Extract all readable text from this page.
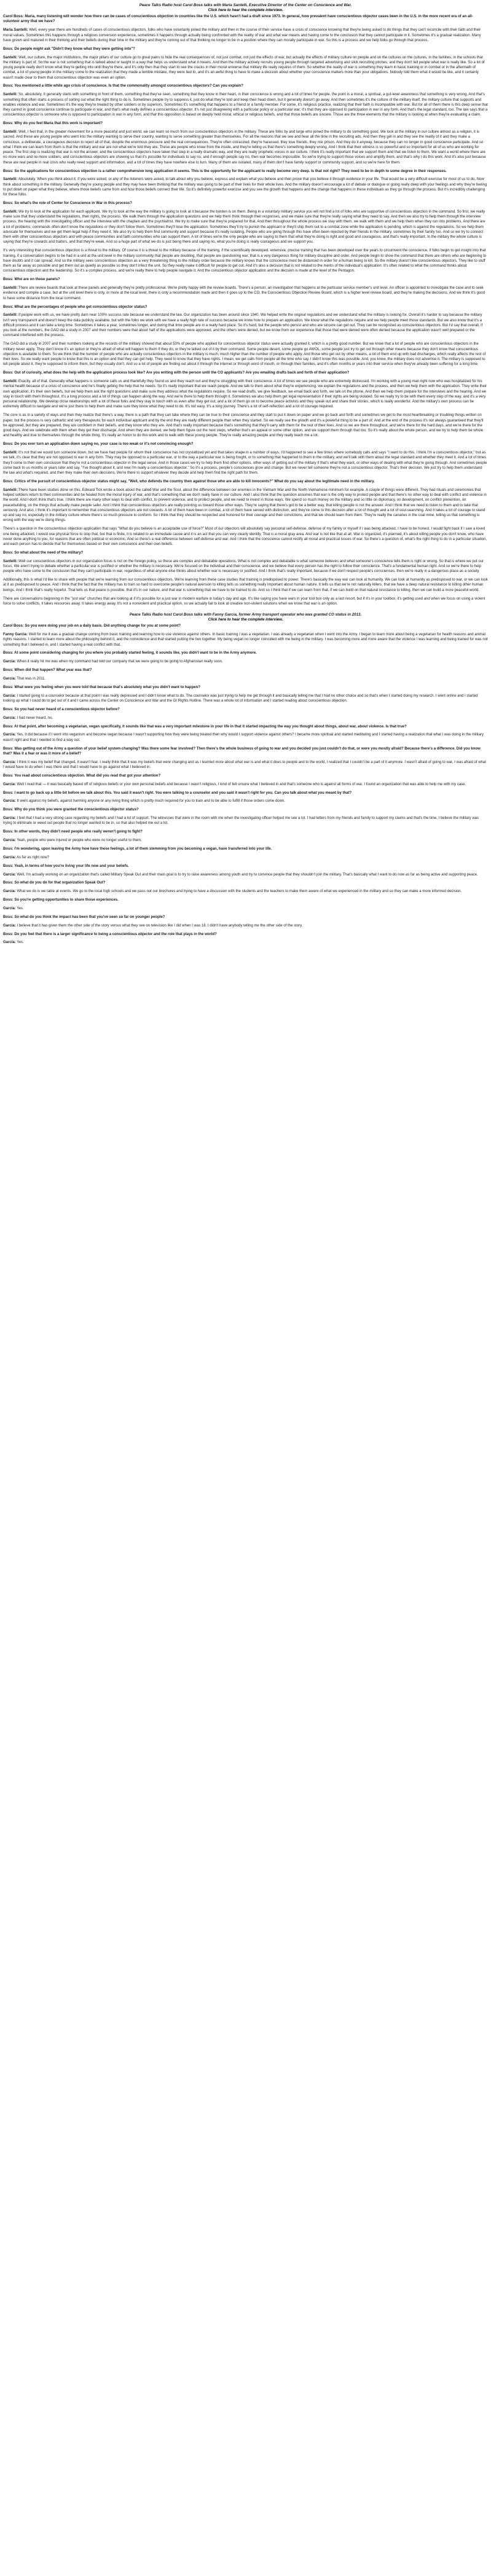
Peace Talks Radio host Carol Boss talks with Maria Santelli, Executive Director of the Center on Conscience and War.
Click here to hear the complete interview.
Carol Boss: Maria, many listening will wonder how there can be cases of conscientious objection in countries like the U.S. which hasn't had a draft since 1973. In general, how prevalent have conscientious objector cases been in the U.S. in the more recent era of an all-volunteer army that we have?
Maria Santelli: Well, every year there are hundreds of cases of conscientious objectors, folks who have voluntarily joined the military and then in the course of their service have a crisis of conscience knowing that they're being asked to do things that they can't reconcile with their faith and their moral values. Sometimes this happens through a religious conversion experience, sometimes it happens through actually being confronted with the reality of war and what war means and having come to the conclusion that they cannot participate in it. Sometimes it's a gradual realization. Many have grown and matured in their thinking and their beliefs during their time in the military and they're coming out of that thinking no longer to be in a position where they can morally participate in war. So this is a process and we help folks go through that process.
Boss: Do people might ask "Didn't they know what they were getting into"?
Santelli: Well, our culture, the major institutions, the major pillars of our culture go to great pains to hide the real consequences of, not just combat, not just the effects of war, but actually the effects of military culture on people and on the cultures on the cultures, in the families, in the schools that the military is part of. So the war is not something that is talked about or taught in a way that helps us understand what it means. And then the military actively recruits young people through targeted advertising and slick recruiting pitches, and they don't tell people what war is really like. So a lot of young people really don't know what they're getting into until they're there, and it's only then that they start to see the cracks in their moral universe that military life really requires of them. So whether the reality of war is something they learn in basic training or in combat or in the aftermath of combat, a lot of young people in the military come to the realization that they made a terrible mistake, they were lied to, and it's an awful thing to have to make a decision about whether your conscience matters more than your obligations. Nobody told them what it would be like, and it certainly wasn't made clear to them that conscientious objection was even an option.
Boss: You mentioned a little while ago crisis of conscience. Is that the commonality amongst conscientious objectors? Can you explain?
Santelli: So, absolutely. It generally starts with something in front of them, something that they've seen, something that they know in their heart, in their conscience is wrong and a lot of times for people, the point is a moral, a spiritual, a gut-level awareness that something is very wrong. And that's something that often starts a process of sorting out what the right thing to do is. Sometimes people try to suppress it, just do what they're told and keep their head down, but it generally doesn't go away. And then sometimes it's the culture of the military itself, the military culture that supports and enables violence and war. Sometimes it's the way they're treated by other soldiers or by superiors. Sometimes it's something that happens to a friend or a family member. For some, it's religious practice, realizing that their faith is incompatible with war. But for all of them there is this deep sense that they cannot in good conscience continue to participate in war, and that's what really defines a conscientious objector. It's not just disagreeing with a particular policy or a particular war; it's that they are opposed to participation in war in any form. And that's the legal standard, too. The law says that a conscientious objector is someone who is opposed to participation in war in any form, and that this opposition is based on deeply held moral, ethical or religious beliefs, and that those beliefs are sincere. Those are the three elements that the military is looking at when they're evaluating a claim.
Boss: Why do you feel Maria that this work is important?
Santelli: Well, I feel that, in the greater movement for a more peaceful and just world, we can learn so much from our conscientious objectors in the military. These are folks by and large who joined the military to do something good. We look at the military in our culture almost as a religion, it is sacred. And these are young people who went into the military wanting to serve their country, wanting to serve something greater than themselves. For all the reasons that we see and hear all the time in the recruiting ads. And then they get in and they see the reality of it and they make a conscious, a deliberate, a courageous decision to reject all of that, despite the enormous pressure and the real consequences. They're often ostracized, they're harassed, they lose friends, they risk prison. And they do it anyway, because they can no longer in good conscience participate. And so what I think we can learn from them is that the military and war are not what we're told they are. These are people who know from the inside, and they're telling us that there's something deeply wrong. And I think that their witness is so powerful and so important for all of us who are working for peace. The first step is realizing that war is not the answer, and the conscientious objectors have taken that step in a really dramatic way, and they are really prophetic voices in our culture. I think it's really important that we support them and that we listen to them. We want a world where there are no more wars and no more soldiers, and conscientious objectors are showing us that it's possible for individuals to say no, and if enough people say no, then war becomes impossible. So we're trying to support those voices and amplify them, and that's why I do this work. And it's also just because these are real people in real crisis who really need support and information, and a lot of times they have nowhere else to turn. Many of them are isolated, many of them don't have family support or community support, and so we're here for them.
Boss: So the applications for conscientious objection is a rather comprehensive long application it seems. This is the opportunity for the applicant to really become very deep. Is that not right? They need to be in depth to some degree in their responses.
Santelli: Absolutely. When you think about it, if you were asked, or any of the listeners were asked, to talk about why you believe, express and explain what you believe and then prove that you believe it through evidence in your life. That would be a very difficult exercise for most of us to do. Now think about something in the military. Generally they're young people and they may have been thinking that the military was going to be part of their lives for their whole lives. And the military doesn't encourage a lot of debate or dialogue or going really deep with your feelings and why they're feeling to put down on paper what they believe, where those beliefs came from and how those beliefs connect their life. So it's definitely powerful exercise and you see the growth that happens and the change that happens in these individuals as they go through the process. But it's incredibly challenging for these folks.
Boss: So what's the role of Center for Conscience in War in this process?
Santelli: We try to look at the application for each applicant. We try to look at the way the military is going to look at it because the burden is on them. Being in a voluntary military service you will not find a lot of folks who are supportive of conscientious objection in the command. So first, we really make sure that they understand the regulations, their rights, the process. We walk them through the application questions and we help them think through their responses, and we make sure that they're really saying what they need to say. And then we also try to help them through the interview process, the hearing with the investigating officer and the interview with the chaplain and the psychiatrist. We try to make sure that they're prepared for that. And then throughout the whole process we stay with them, we walk with them and we help them when they run into problems. And there are a lot of problems; commands often don't know the regulations or they don't follow them. Sometimes they'll lose the application. Sometimes they'll try to punish the applicant or they'll ship them out to a combat zone while the application is pending, which is against the regulations. So we help them advocate for themselves and we get them legal help if they need it. We also try to help them find community and support because it's really isolating. People who are going through this have often been rejected by their friends in the military, sometimes by their family too. And so we try to connect them with other conscientious objectors and with peace communities and faith communities who can support them. A lot of times we're the only people who are saying to them that what they're doing is right and good and courageous, and that's really important. In the military the whole culture is saying that they're cowards and traitors, and that they're weak. And so a huge part of what we do is just being there and saying no, what you're doing is really courageous and we support you.
It's very interesting that conscientious objection is a threat to the military. Of course it is a threat to the military because of the training, if the scientifically developed, extensive, precise training that has been developed over the years to circumvent the conscience, if folks begin to get insight into that training, if a conversation begins to be had in a unit at the unit level in the military community that people are doubting, that people are questioning war, that is a very dangerous thing for military discipline and order. And people begin to show the command that there are others who are beginning to have doubts and it can spread. And so the military sees conscientious objection as a very threatening thing to the military order because the military knows that the conscience must be distanced in order for a human being to kill. So the military doesn't like conscientious objectors. They like to stuff them as far away as possible and get them out as quietly as possible so they don't infect the unit. So they really make it difficult for people to get out. And it's also a decision that is not related to the merits of the individual's application. It's often related to what the command thinks about conscientious objection and the leadership. So it's a complex process, and we're really there to help people navigate it. And the conscientious objector application and the decision is made at the level of the Pentagon.
Boss: Who are on these panels?
Santelli: There are review boards that look at these panels and generally they're pretty professional. We're pretty happy with the review boards. There's a person, an investigation that happens at the particular service member's unit level. An officer is appointed to investigate the case and to seek evidence and compile a case, but at the unit level there is only, or more at the local level, there is only a recommendation made and then it goes up to the CO, the Conscientious Objection Review Board, which is a higher level review board, and they're making the decisions. And we think it's good to have some distance from the local command.
Boss: What are the percentages of people who get conscientious objector status?
Santelli: If people work with us, we have pretty darn near 100% success rate because we understand the law. Our organization has been around since 1940. We helped write the original regulations and we understand what the military is looking for. Overall it's harder to say because the military isn't very transparent and doesn't keep the data publicly available, but with the folks we work with we have a really high rate of success because we know how to prepare an application. We know what the regulations require and we help people meet those standards. But we also know that it's a difficult process and it can take a long time. Sometimes it takes a year, sometimes longer, and during that time people are in a really hard place. So it's hard, but the people who persist and who are sincere can get out. They can be recognized as conscientious objectors. But I'd say that overall, if you look at the numbers, the GAO did a study in 2007 and their numbers were that about half of the applications were approved, and the others were denied, but we know from our experience that those that were denied were often denied because the application wasn't well prepared or the command interfered with the process.
The GAO did a study in 2007 and their numbers looking at the records of the military showed that about 53% of people who applied for conscientious objector status were actually granted it, which is a pretty good number. But we know that a lot of people who are conscientious objectors in the military never apply. They don't know it's an option or they're afraid of what will happen to them if they do, or they're talked out of it by their command. Some people desert, some people go AWOL, some people just try to get out through other means because they don't know that conscientious objection is available to them. So we think that the number of people who are actually conscientious objectors in the military is much, much higher than the number of people who apply. And those who get out by other means, a lot of them end up with bad discharges, which really affects the rest of their lives. So we really want people to know that this is an option and that they can get help. They need to know that they have rights. I mean, we get calls from people all the time who say, I didn't know this was possible. And, you know, the military does not advertise it. The military is supposed to tell people about it, they're supposed to inform them, but they usually don't. And so a lot of people are finding out about it through the internet or through word of mouth, or through their families, and it's often months or years into their service when they've already been suffering for a long time.
Boss: Out of curiosity, what does the help with the application process look like? Are you writing with the person until the CO applicants? Are you emailing drafts back and forth of their application?
Santelli: Exactly, all of that. Generally what happens is someone calls us and thankfully they found us and they reach out and they're struggling with their conscience. A lot of times we see people who are extremely distressed. I'm working with a young man right now who was hospitalized for his mental health because of a crisis of conscience and he's finally getting the help that he needs. So it's really important that we reach people. And we talk to them about what they're experiencing, we explain the regulations and the process, and then we help them with the application. They write their own application, it's their own beliefs, but we help them ask the right questions and make sure they address what the regulations require. So we read drafts, we give feedback, we email back and forth, we talk on the phone. And then we help them prepare for the interviews and the hearing. And we stay in touch with them throughout. It's a long process and a lot of things can happen along the way. And we're there to help them through it. Sometimes we also help them get legal representation if their rights are being violated. So we really try to be with them every step of the way, and it's a very personal relationship. We develop close relationships with a lot of these folks and they stay in touch with us even after they get out, and a lot of them go on to become peace activists and they speak out and share their stories, which is really wonderful. And the military's own process can be extremely difficult to navigate and we're just there to help them and make sure they know what they need to do. It's not easy. It's a long journey. There's a lot of self-reflection and a lot of courage required.
The core is as in a variety of ways and then they realize that there's a way, there is a path that they can take where they can be true to their conscience and they start to put it down on paper and we go back and forth and sometimes we get to the most heartbreaking or troubling things written on paper, but the process is very cathartic and very therapeutic for each individual applicant and by the end they are really different people than when they started. So we really see the growth and it's a powerful thing to be a part of. And at the end of the process it's not always guaranteed that they'll be approved, but they are prepared, they are confident in their beliefs, and they know who they are. And that's really important because that's something that they'll carry with them for the rest of their lives. And so we are there throughout, and we're there for the hard days, and we're there for the good days. And we celebrate with them when they get their discharge. And when they are denied, we help them figure out the next steps, whether that's an appeal or some other option, and we support them through that too. So it's really about the whole person, and we try to help them be whole and healthy and true to themselves through the whole thing. It's really an honor to do this work and to walk with these young people. They're really amazing people and they really teach me a lot.
Boss: Do you ever turn an application down saying no, your case is too weak or it's not convincing enough?
Santelli: It's not that we would turn someone down, but we have had people for whom their conscience has not crystallized yet and that takes shape in a number of ways. I'd happened to see a few times where somebody calls and says "I want to do this, I think I'm a conscientious objector," but as we talk, it's clear that they are not opposed to war in any form. They may be opposed to a particular war, or to the way a particular war is being fought, or to something that happened to them in the military, and we'll talk with them about the legal standard and whether they meet it. And a lot of times they'll come to their own conclusion that they're not a conscientious objector in the legal sense. And in those cases we try to help them find other options, other ways of getting out of the military if that's what they want, or other ways of dealing with what they're going through. And sometimes people come back to us months or years later and say, "I've thought about it, and now I'm really a conscientious objector." So it's a process, people's consciences grow and change. But we never tell someone they're not a conscientious objector. That's their decision. We just try to help them understand the law and what's required, and then they make their own decisions. We're there to support whatever they decide and help them find the right path for them.
Boss: Critics of the pursuit of conscientious objector status might say, "Well, who defends the country then against those who are able to kill innocents?" What do you say about the legitimate need in the military.
Santelli: There have been studies done on this. Edward Tick wrote a book about the called War and the Soul, about the difference between our enemies in the Vietnam War and the North Vietnamese minimum for example. A couple of things were different. They had rituals and ceremonies that helped soldiers return to their communities and be healed from the moral injury of war, and that's something that we don't really have in our culture. And I also think that the question assumes that war is the only way to protect people and that there's no other way to deal with conflict and violence in the world. And I don't think that's true. I think there are many other ways to deal with conflict, to prevent violence, and to protect people, and we need to invest in those ways. We spend so much money on the military and so little on diplomacy, on development, on conflict prevention, on peacebuilding, on the things that actually make people safer. And I think that conscientious objectors are really pointing us toward those other ways. They're saying that there's got to be a better way, that killing people is not the answer. And I think that we need to listen to them and to take that seriously. And also, I think it's important to remember that conscientious objectors are not cowards. A lot of them have been in combat, a lot of them have served with distinction, and they've come to this decision after a lot of thought and a lot of soul-searching. And it takes a lot of courage to stand up and say no, especially in the military culture where there's so much pressure to conform. So I think that they should be respected and honored for their courage and their convictions, and that we should learn from them. They're really the canaries in the coal mine, telling us that something is wrong with the way we're doing things.
There's a question in the conscientious objection application that says "What do you believe is an acceptable use of force?" Most of our objectors will absolutely say personal self-defense, defense of my family or myself if I was being attacked, I have to be honest, I would fight back if I saw a loved one being attacked, I would use physical force to stop that, but that is finite, it is related to an immediate cause and it is an act that you can very clearly identify. That is a moral gray area. And war is not like that at all. War is organized, it's planned, it's about killing people you don't know, who have never done anything to you, for reasons that are often political or economic. And so there's a real difference between self-defense and war. And I think that the conscience cannot rectify all moral and practical issues of war. So there's a question of, what's the right thing to do in a particular situation, and each person has to decide that for themselves based on their own conscience and their own beliefs.
Boss: So what about the need of the military?
Santelli: Well our conscientious objectors in our organization focus is not on the foreign policy, so these are complex and debatable operations. What is not complex and debatable is what someone believes and what someone's conscience tells them is right or wrong. So that is where we put our focus. We aren't trying to debate whether a particular war is justified or whether the military is necessary. We're focused on the individual and their conscience, and we believe that every person has the right to follow their conscience. That's a fundamental human right. And so we're there to help people who have come to the conclusion that they can't participate in war, regardless of what anyone else thinks about whether war is necessary or justified. And I think that's really important, because if we don't respect people's consciences, then we're really in a dangerous place as a society.
Additionally, this is what I'd like to share with people that we're learning from our conscientious objectors. We're learning from these case studies that training is predisposed to power. There's basically the way war can look at humanity. We can look at humanity as predisposed to war, or we can look at it as predisposed to peace. And I think that the fact that the military has to train so hard to overcome people's natural aversion to killing tells us something really important about human nature. It tells us that we're not naturally killers, that we have a deep natural resistance to killing other human beings. And I think that's really hopeful. That tells us that peace is possible, that it's in our nature, and that war is something that we have to be trained to do. And so I think that if we can learn from that, if we can build on that natural resistance to killing, then we can build a more peaceful world.
There are conversations beginning in the "just war" churches that are looking at if it's possible for a just war in modern warfare in today's day and age. It's like saying you have wars in your tool box only as a last resort, but if it's in your toolbox, it's getting used and when we focus on using a violent force to solve conflicts, it takes resources away. It takes energy away. It's not a nonviolent and practical option, so we actually fail to look at creative non-violent solutions when we know that war is an option.
Peace Talks Radio host Carol Boss talks with Fanny Garcia, former Army transport operator who was granted CO status in 2013.
Click here to hear the complete interview.
Carol Boss: So you were doing your job on a daily basis. Did anything change for you at some point?
Fanny Garcia: Well for me it was a gradual change coming from basic training and learning how to use violence against others. In basic training I was a vegetarian. I was already a vegetarian when I went into the Army. I began to learn more about being a vegetarian for health reasons and animal rights reasons. I started to learn more about the philosophy behind it, and the nonviolence and that started putting the two together. My being vegan no longer coincided with me being in the military. I was becoming more and more aware that the violence I was learning and being trained for was not something that I believed in, and I started having a real conflict with that.
Boss: At some point considering changing for you where you probably started feeling, it sounds like, you didn't want to be in the Army anymore.
Garcia: When it really hit me was when my command had told our company that we were going to be going to Afghanistan really soon.
Boss: When did that happen? What year was that?
Garcia: That was in 2011.
Boss: What were you feeling when you were told that because that's absolutely what you didn't want to happen?
Garcia: I started going to a counselor because at that point I was really depressed and I didn't know what to do. The counselor was just trying to help me get through it and basically telling me that I had no other choice and so that's when I started doing my research. I went online and I started looking up what I could do to get out of it and I came across the Center on Conscience and War and the GI Rights Hotline. There was a whole lot of information and I started reading about conscientious objection.
Boss: So you had never heard of a conscientious objector before?
Garcia: I had never heard, no.
Boss: At that point, after becoming a vegetarian, vegan specifically, it sounds like that was a very important milestone in your life in that it started impacting the way you thought about things, about war, about violence. Is that true?
Garcia: Yes, it did because if I went into veganism and become vegan because I wasn't supporting how they were being treated then why would I support violence against others? I became more spiritual and started meditating and I started having a realization that what I was doing in the military wasn't right and that I needed to find a way out.
Boss: Was getting out of the Army a question of your belief system changing? Was there some fear involved? Then there's the whole business of going to war and you decided you just couldn't do that, or were you mostly afraid? Because there's a difference. Did you know that? Was it a fear or was it more of a belief?
Garcia: I think it was my belief that changed, it wasn't fear. I really think that it was my beliefs that were changing and as I learned more about what war is and what it does to people and to the world, I realized that I couldn't be a part of it anymore. I wasn't afraid of going to war, I was afraid of what I would have to do when I was there and that I would have to go against what I believed in.
Boss: You read about conscientious objection. What did you read that got your attention?
Garcia: Well I read that — it was basically based off of religious beliefs or your own personal beliefs and because I wasn't religious, I kind of felt unsure what I believed in and that's someone who is against all forms of war. I found an organization that was able to help me with my case.
Boss: I want to go back up a little bit before we talk about this. You said it wasn't right. You were talking to a counselor and you said it wasn't right for you. Can you talk about what you meant by that?
Garcia: It went against my beliefs, against harming anyone or any living thing which is pretty much required for you to train and to be able to fulfill if those orders come down.
Boss: Why do you think you were granted the conscientious objector status?
Garcia: I feel that I had a very strong case regarding my beliefs and I had a lot of support. The witnesses that were in the room with me when the investigating officer helped me see a lot. I had letters from my friends and family to support my claims and that's the time, I believe the military was trying to eliminate or weed out people that no longer wanted to be in, so that also helped me out a lot.
Boss: In other words, they didn't need people who really weren't going to fight?
Garcia: Yeah, people who were injured or people who were no longer useful to them.
Boss: I'm wondering, upon leaving the Army how have these feelings, a lot of them stemming from you becoming a vegan, have transferred into your life.
Garcia: As far as right now?
Boss: Yeah, in terms of how you're living your life now and your beliefs.
Garcia: Well, I'm actually working on an organization that's called Military Speak Out and their main goal is to try to raise awareness among youth and try to convince people that they shouldn't join the military. That's basically what I want to do now as far as being active and supporting peace.
Boss: So what do you do for that organization Speak Out?
Garcia: What we do is we table at events. We go to the local high schools and we pass out our brochures and trying to have a discussion with the students and the teachers to make them aware of what we experienced in the military and so they can make a more informed decision.
Boss: So you're getting opportunities to share those experiences.
Garcia: Yes.
Boss: So what do you think the impact has been that you've seen so far on younger people?
Garcia: I believe that it has given them the other side of the story versus what they see on television like I did when I was 18. I didn't have anybody telling me the other side of the story.
Boss: Do you feel that there is a larger significance to being a conscientious objector and the role that plays in the world?
Garcia: Yes.
